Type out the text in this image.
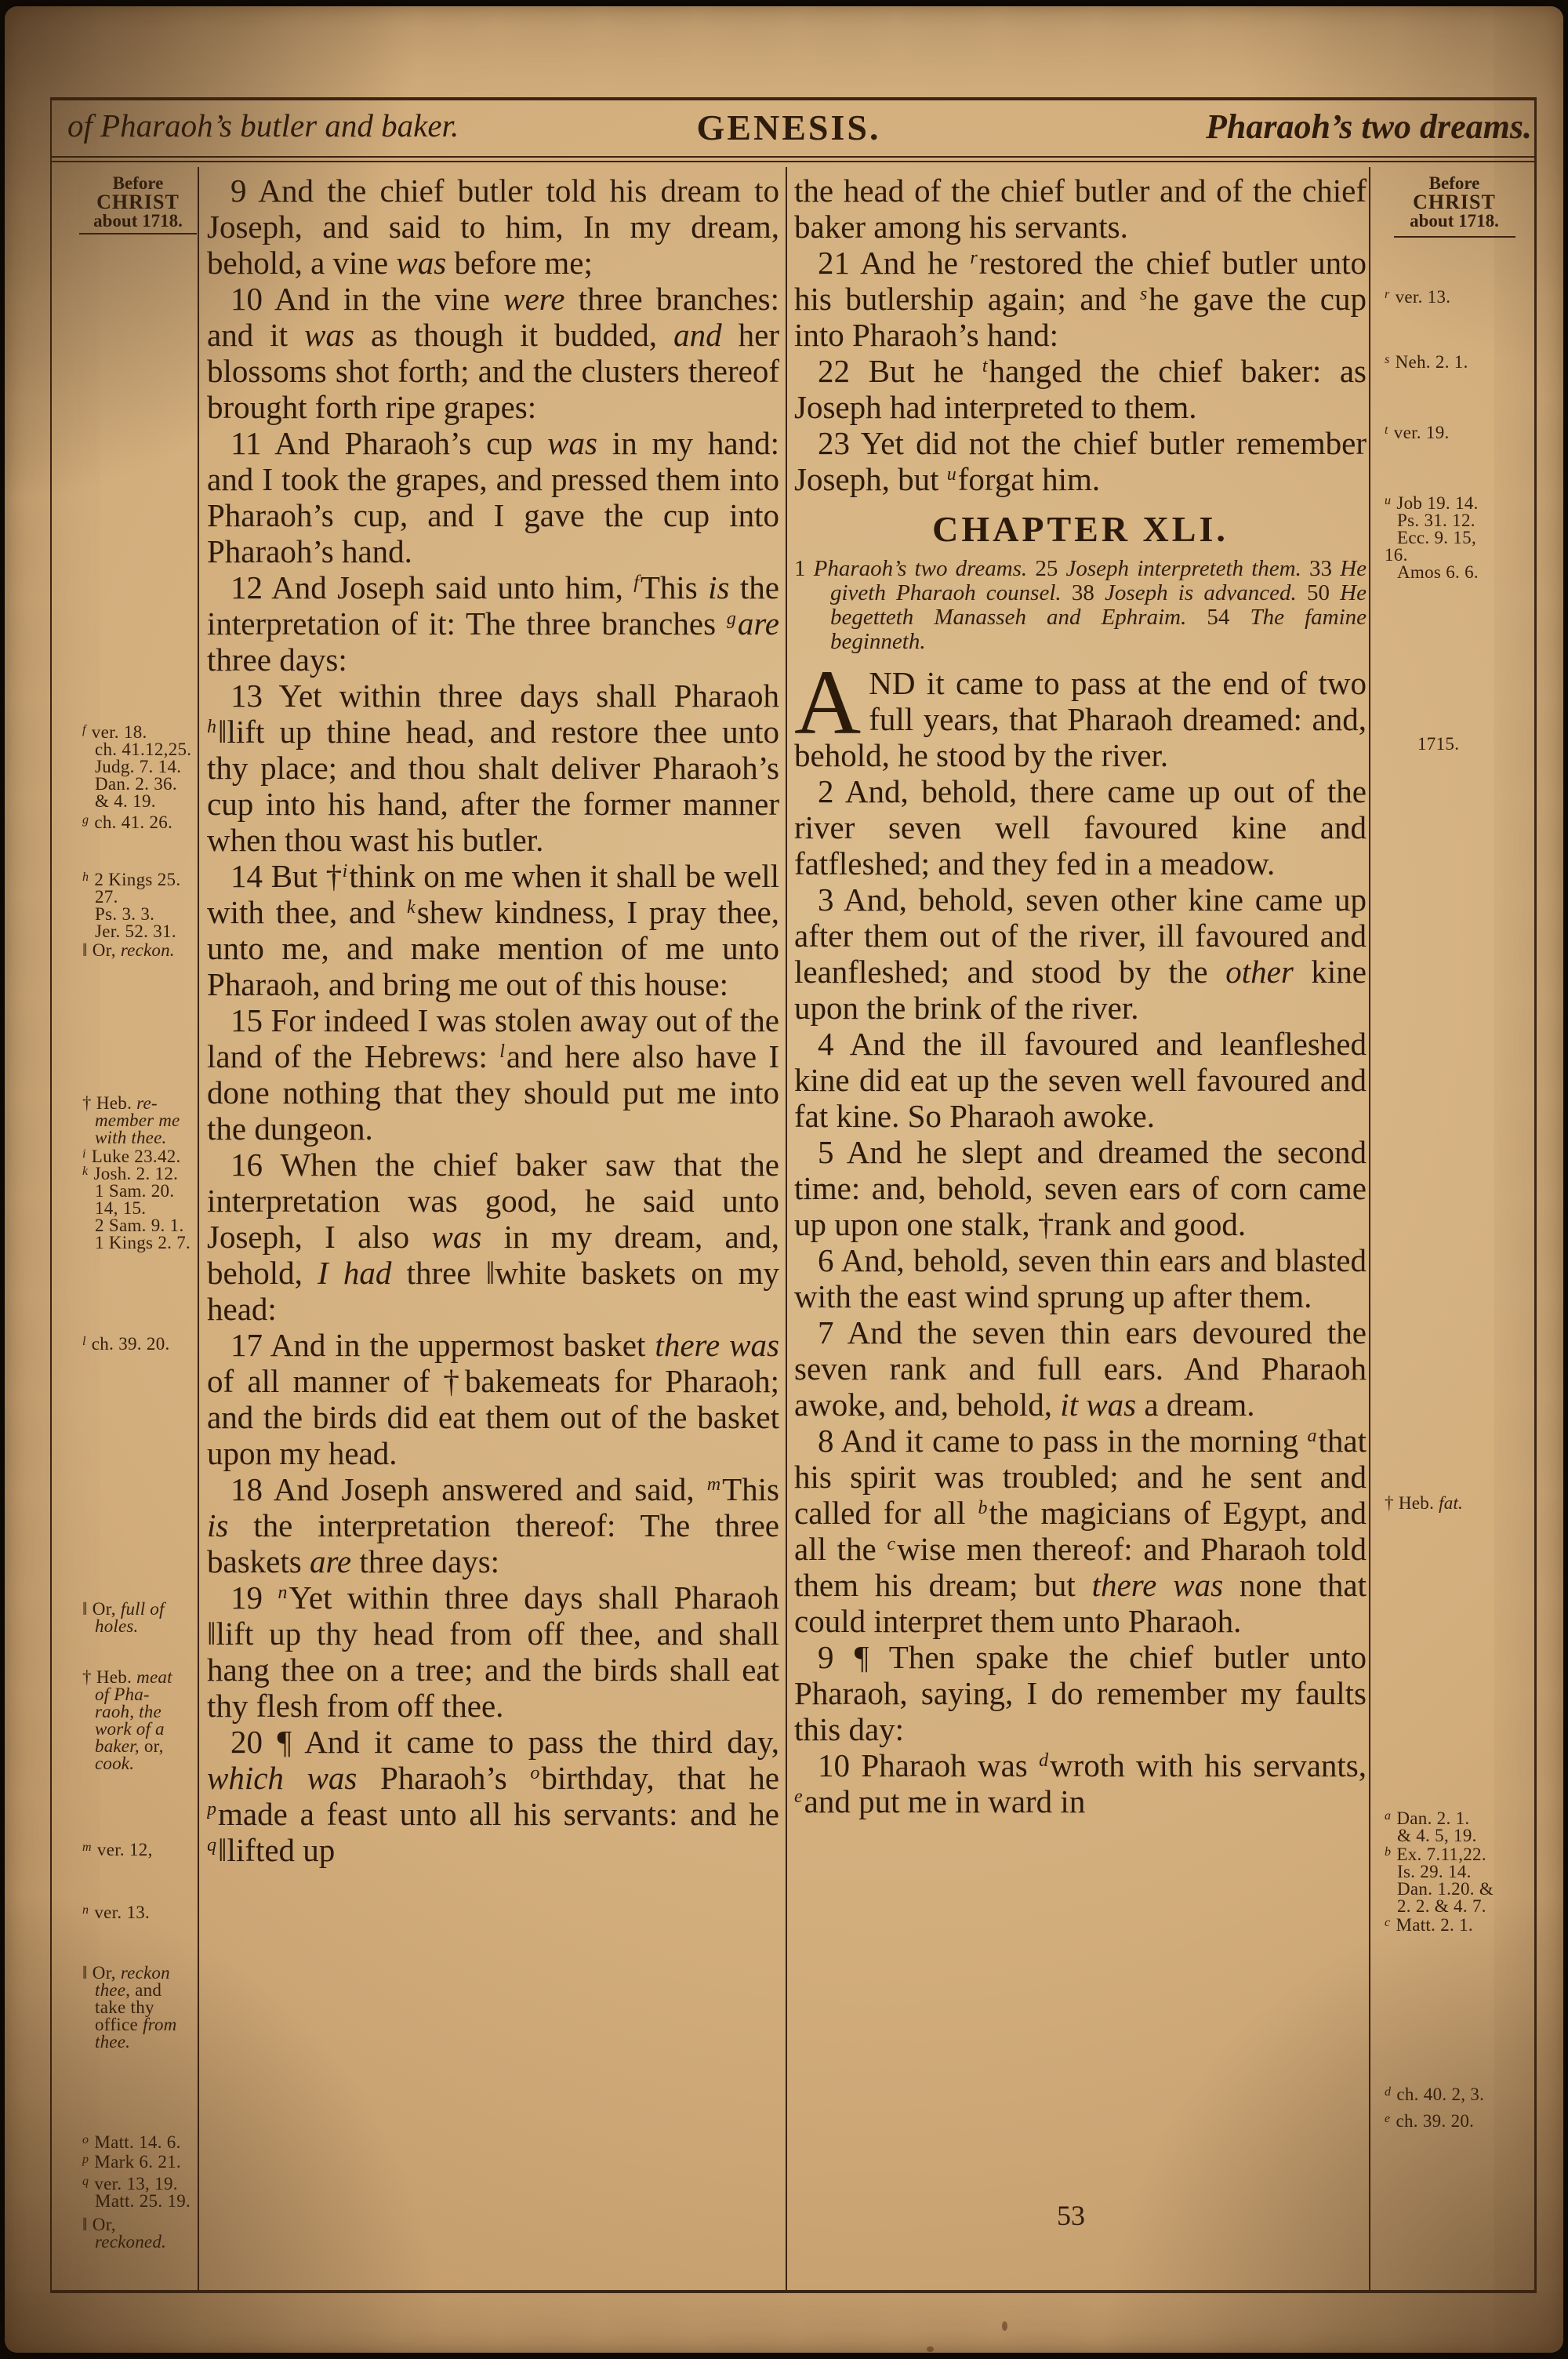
of Pharaoh’s butler and baker.	GENESIS.	Pharaoh’s two dreams.
Before
CHRIST
about 1718.
Before
CHRIST
about 1718.
$^f$ ver. 18.
ch. 41.12,25.
Judg. 7. 14.
Dan. 2. 36.
& 4. 19.
$^g$ ch. 41. 26.
$^h$ 2 Kings 25.
27.
Ps. 3. 3.
Jer. 52. 31.
‖ Or, reckon.
† Heb. re-
member me
with thee.
$^i$ Luke 23.42.
$^k$ Josh. 2. 12.
1 Sam. 20.
14, 15.
2 Sam. 9. 1.
1 Kings 2. 7.
$^l$ ch. 39. 20.
‖ Or, full of
holes.
† Heb. meat
of Pha-
raoh, the
work of a
baker, or,
cook.
$^m$ ver. 12,
$^n$ ver. 13.
‖ Or, reckon
thee, and
take thy
office from
thee.
$^o$ Matt. 14. 6.
$^p$ Mark 6. 21.
$^q$ ver. 13, 19.
Matt. 25. 19.
‖ Or,
reckoned.
$^r$ ver. 13.
$^s$ Neh. 2. 1.
$^t$ ver. 19.
$^u$ Job 19. 14.
Ps. 31. 12.
Ecc. 9. 15,
16.
Amos 6. 6.
1715.
† Heb. fat.
$^a$ Dan. 2. 1.
& 4. 5, 19.
$^b$ Ex. 7.11,22.
Is. 29. 14.
Dan. 1.20. &
2. 2. & 4. 7.
$^c$ Matt. 2. 1.
$^d$ ch. 40. 2, 3.
$^e$ ch. 39. 20.

9 And the chief butler told his dream to Joseph, and said to him, In my dream, behold, a vine was before me;

10 And in the vine were three branches: and it was as though it budded, and her blossoms shot forth; and the clusters thereof brought forth ripe grapes:

11 And Pharaoh’s cup was in my hand: and I took the grapes, and pressed them into Pharaoh’s cup, and I gave the cup into Pharaoh’s hand.

12 And Joseph said unto him, $^f$This is the interpretation of it: The three branches $^g$are three days:

13 Yet within three days shall Pharaoh $^h$‖lift up thine head, and restore thee unto thy place; and thou shalt deliver Pharaoh’s cup into his hand, after the former manner when thou wast his butler.

14 But †$^i$think on me when it shall be well with thee, and $^k$shew kindness, I pray thee, unto me, and make mention of me unto Pharaoh, and bring me out of this house:

15 For indeed I was stolen away out of the land of the Hebrews: $^l$and here also have I done nothing that they should put me into the dungeon.

16 When the chief baker saw that the interpretation was good, he said unto Joseph, I also was in my dream, and, behold, I had three ‖white baskets on my head:

17 And in the uppermost basket there was of all manner of †bakemeats for Pharaoh; and the birds did eat them out of the basket upon my head.

18 And Joseph answered and said, $^m$This is the interpretation thereof: The three baskets are three days:

19 $^n$Yet within three days shall Pharaoh ‖lift up thy head from off thee, and shall hang thee on a tree; and the birds shall eat thy flesh from off thee.

20 ¶ And it came to pass the third day, which was Pharaoh’s $^o$birthday, that he $^p$made a feast unto all his servants: and he $^q$‖lifted up

the head of the chief butler and of the chief baker among his servants.

21 And he $^r$restored the chief butler unto his butlership again; and $^s$he gave the cup into Pharaoh’s hand:

22 But he $^t$hanged the chief baker: as Joseph had interpreted to them.

23 Yet did not the chief butler remember Joseph, but $^u$forgat him.

CHAPTER XLI.
1 Pharaoh’s two dreams. 25 Joseph interpreteth them. 33 He giveth Pharaoh counsel. 38 Joseph is advanced. 50 He begetteth Manasseh and Ephraim. 54 The famine beginneth.

AND it came to pass at the end of two full years, that Pharaoh dreamed: and, behold, he stood by the river.

2 And, behold, there came up out of the river seven well favoured kine and fatfleshed; and they fed in a meadow.

3 And, behold, seven other kine came up after them out of the river, ill favoured and leanfleshed; and stood by the other kine upon the brink of the river.

4 And the ill favoured and leanfleshed kine did eat up the seven well favoured and fat kine. So Pharaoh awoke.

5 And he slept and dreamed the second time: and, behold, seven ears of corn came up upon one stalk, †rank and good.

6 And, behold, seven thin ears and blasted with the east wind sprung up after them.

7 And the seven thin ears devoured the seven rank and full ears. And Pharaoh awoke, and, behold, it was a dream.

8 And it came to pass in the morning $^a$that his spirit was troubled; and he sent and called for all $^b$the magicians of Egypt, and all the $^c$wise men thereof: and Pharaoh told them his dream; but there was none that could interpret them unto Pharaoh.

9 ¶ Then spake the chief butler unto Pharaoh, saying, I do remember my faults this day:

10 Pharaoh was $^d$wroth with his servants, $^e$and put me in ward in

53
